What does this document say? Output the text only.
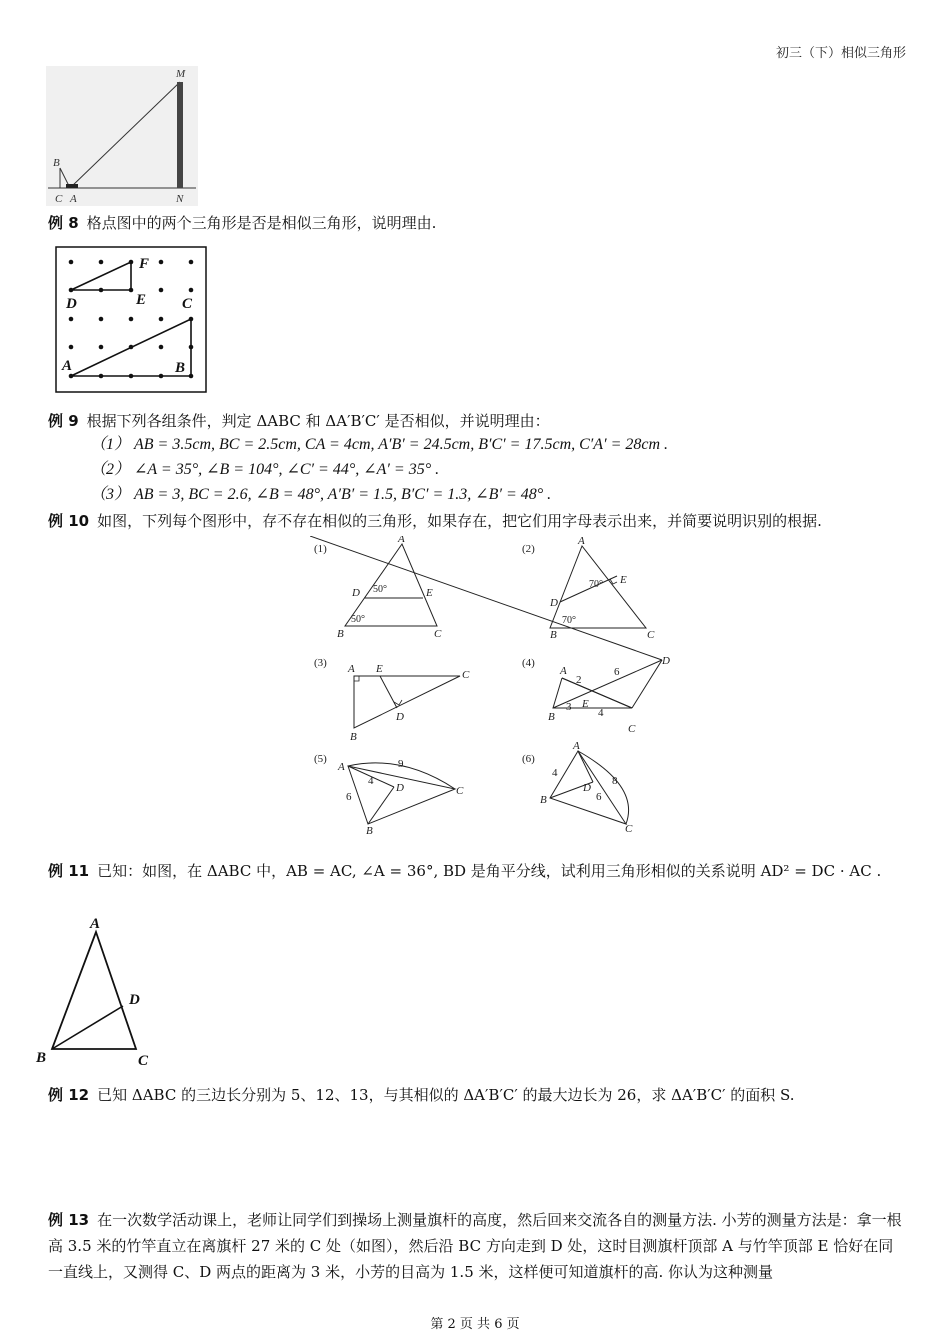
初三（下）相似三角形
M
B
C A	N
例 8 格点图中的两个三角形是否是相似三角形，说明理由.
F
D	E C
A	B
例 9 根据下列各组条件，判定 ΔABC 和 ΔA′B′C′ 是否相似，并说明理由：
（1） AB = 3.5cm, BC = 2.5cm, CA = 4cm, A′B′ = 24.5cm, B′C′ = 17.5cm, C′A′ = 28cm .
（2） ∠A = 35°, ∠B = 104°, ∠C′ = 44°, ∠A′ = 35° .
（3） AB = 3, BC = 2.6, ∠B = 48°, A′B′ = 1.5, B′C′ = 1.3, ∠B′ = 48° .
例 10 如图，下列每个图形中，存不存在相似的三角形，如果存在，把它们用字母表示出来，并简要说明识别的根据.
(1)
A
D	E
B	C
50°
50°
(2)
A
E
D
B	C
70°
70°
(3) A E	C
D
B
(4)
A
D
E
B
C
2
6
3 4
(5)
A
D	C
B
9
4
6
(6)
A
D
B
C
4
8
6
例 11 已知：如图，在 ΔABC 中，AB = AC, ∠A = 36°, BD 是角平分线，试利用三角形相似的关系说明 AD² = DC · AC .
A
D
B	C
例 12 已知 ΔABC 的三边长分别为 5、12、13，与其相似的 ΔA′B′C′ 的最大边长为 26，求 ΔA′B′C′ 的面积 S.
例 13 在一次数学活动课上，老师让同学们到操场上测量旗杆的高度，然后回来交流各自的测量方法. 小芳的测量方法是：拿一根高 3.5 米的竹竿直立在离旗杆 27 米的 C 处（如图），然后沿 BC 方向走到 D 处，这时目测旗杆顶部 A 与竹竿顶部 E 恰好在同一直线上，又测得 C、D 两点的距离为 3 米，小芳的目高为 1.5 米，这样便可知道旗杆的高. 你认为这种测量
第 2 页 共 6 页
